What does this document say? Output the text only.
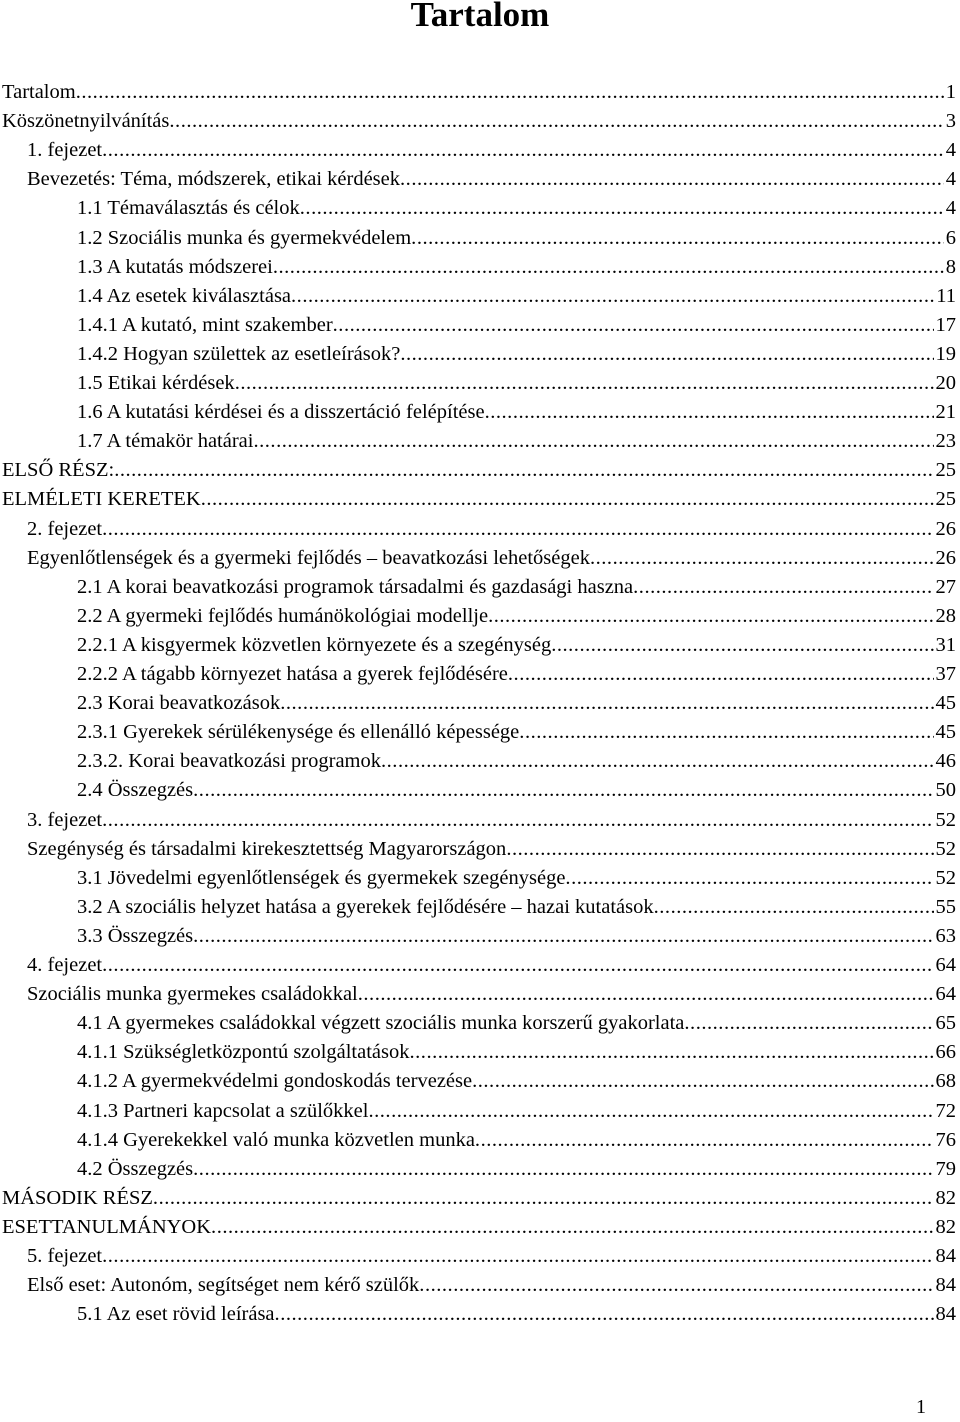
Tartalom
Tartalom . . .	1
Köszönetnyilvánítás . . .	3
1. fejezet . . .	4
Bevezetés: Téma, módszerek, etikai kérdések . . .	4
1.1 Témaválasztás és célok . . .	4
1.2 Szociális munka és gyermekvédelem . . .	6
1.3 A kutatás módszerei . . .	8
1.4 Az esetek kiválasztása . . .	11
1.4.1 A kutató, mint szakember . . .	17
1.4.2 Hogyan születtek az esetleírások? . . .	19
1.5 Etikai kérdések . . .	20
1.6 A kutatási kérdései és a disszertáció felépítése . . .	21
1.7 A témakör határai . . .	23
ELSŐ RÉSZ: . . .	25
ELMÉLETI KERETEK . . .	25
2. fejezet . . .	26
Egyenlőtlenségek és a gyermeki fejlődés – beavatkozási lehetőségek . . .	26
2.1 A korai beavatkozási programok társadalmi és gazdasági haszna . . .	27
2.2 A gyermeki fejlődés humánökológiai modellje . . .	28
2.2.1 A kisgyermek közvetlen környezete és a szegénység . . .	31
2.2.2 A tágabb környezet hatása a gyerek fejlődésére . . .	37
2.3 Korai beavatkozások . . .	45
2.3.1 Gyerekek sérülékenysége és ellenálló képessége . . .	45
2.3.2. Korai beavatkozási programok . . .	46
2.4 Összegzés . . .	50
3. fejezet . . .	52
Szegénység és társadalmi kirekesztettség Magyarországon . . .	52
3.1 Jövedelmi egyenlőtlenségek és gyermekek szegénysége . . .	52
3.2 A szociális helyzet hatása a gyerekek fejlődésére – hazai kutatások . . .	55
3.3 Összegzés . . .	63
4. fejezet . . .	64
Szociális munka gyermekes családokkal . . .	64
4.1 A gyermekes családokkal végzett szociális munka korszerű gyakorlata . . .	65
4.1.1 Szükségletközpontú szolgáltatások . . .	66
4.1.2 A gyermekvédelmi gondoskodás tervezése . . .	68
4.1.3 Partneri kapcsolat a szülőkkel . . .	72
4.1.4 Gyerekekkel való munka közvetlen munka . . .	76
4.2 Összegzés . . .	79
MÁSODIK RÉSZ . . .	82
ESETTANULMÁNYOK . . .	82
5. fejezet . . .	84
Első eset: Autonóm, segítséget nem kérő szülők . . .	84
5.1 Az eset rövid leírása . . .	84
1
